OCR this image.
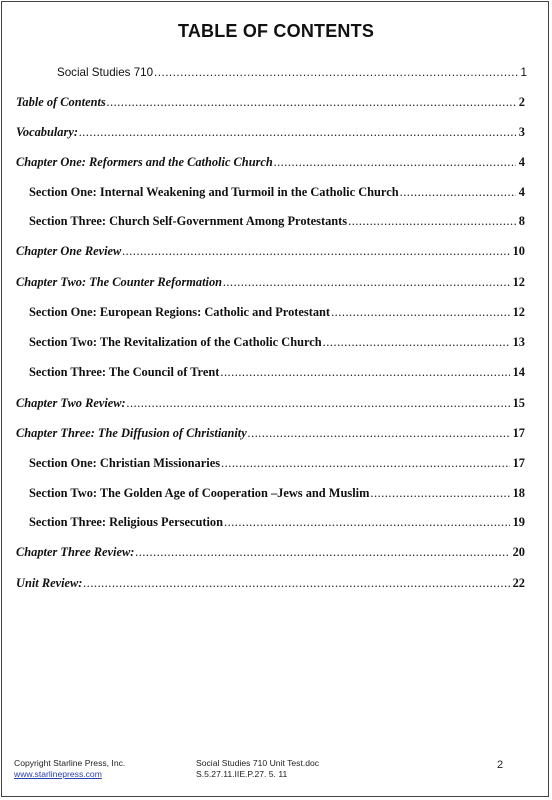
TABLE OF CONTENTS
Social Studies 710 .....	1
Table of Contents .....	2
Vocabulary: .....	3
Chapter One: Reformers and the Catholic Church .....	4
Section One: Internal Weakening and Turmoil in the Catholic Church .....	4
Section Three: Church Self-Government Among Protestants .....	8
Chapter One Review .....	10
Chapter Two: The Counter Reformation .....	12
Section One: European Regions: Catholic and Protestant .....	12
Section Two: The Revitalization of the Catholic Church .....	13
Section Three: The Council of Trent .....	14
Chapter Two Review: .....	15
Chapter Three: The Diffusion of Christianity .....	17
Section One: Christian Missionaries .....	17
Section Two: The Golden Age of Cooperation –Jews and Muslim .....	18
Section Three: Religious Persecution .....	19
Chapter Three Review: .....	20
Unit Review: .....	22
Copyright Starline Press, Inc.
www.starlinepress.com
Social Studies 710 Unit Test.doc
S.5.27.11.IIE.P.27. 5. 11
2
